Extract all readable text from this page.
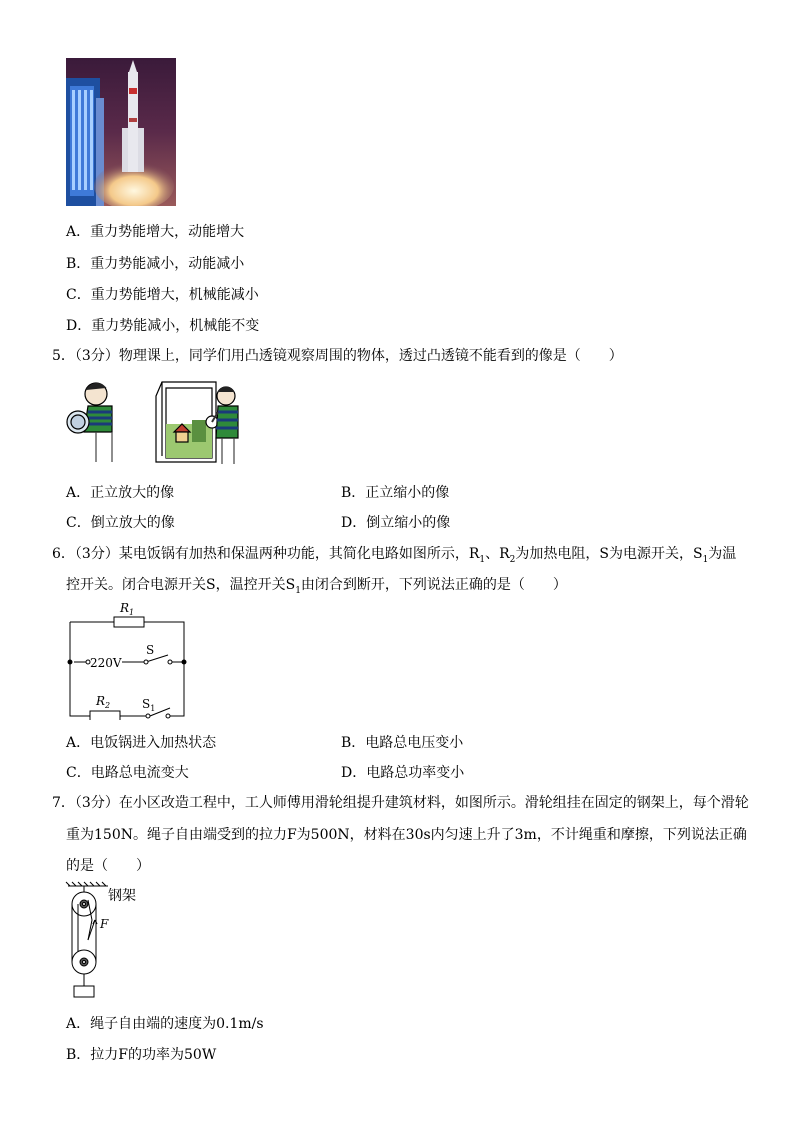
A．重力势能增大，动能增大
B．重力势能减小，动能减小
C．重力势能增大，机械能减小
D．重力势能减小，机械能不变
5．（3分）物理课上，同学们用凸透镜观察周围的物体，透过凸透镜不能看到的像是（　　）
A．正立放大的像	B．正立缩小的像
C．倒立放大的像	D．倒立缩小的像
6．（3分）某电饭锅有加热和保温两种功能，其简化电路如图所示，$R_1$、$R_2$为加热电阻，S为电源开关，$S_1$为温
控开关。闭合电源开关S，温控开关$S_1$由闭合到断开，下列说法正确的是（　　）
$R_1$
220V
S
$R_2$	$S_1$
A．电饭锅进入加热状态	B．电路总电压变小
C．电路总电流变大	D．电路总功率变小
7．（3分）在小区改造工程中，工人师傅用滑轮组提升建筑材料，如图所示。滑轮组挂在固定的钢架上，每个滑轮
重为150N。绳子自由端受到的拉力F为500N，材料在30s内匀速上升了3m，不计绳重和摩擦，下列说法正确
的是（　　）
钢架
F
A．绳子自由端的速度为0.1m/s
B．拉力F的功率为50W
